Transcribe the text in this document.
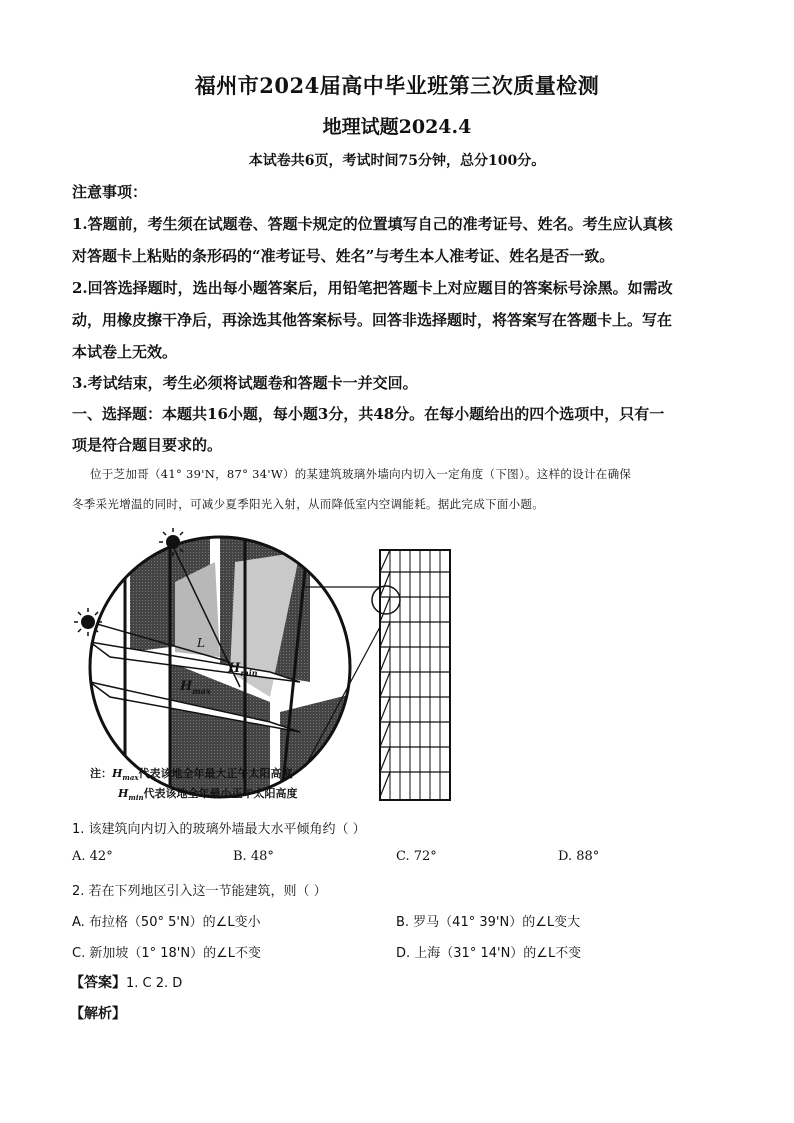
福州市2024届高中毕业班第三次质量检测
地理试题2024.4
本试卷共6页，考试时间75分钟，总分100分。
注意事项：
1.答题前，考生须在试题卷、答题卡规定的位置填写自己的准考证号、姓名。考生应认真核
对答题卡上粘贴的条形码的“准考证号、姓名”与考生本人准考证、姓名是否一致。
2.回答选择题时，选出每小题答案后，用铅笔把答题卡上对应题目的答案标号涂黑。如需改
动，用橡皮擦干净后，再涂选其他答案标号。回答非选择题时，将答案写在答题卡上。写在
本试卷上无效。
3.考试结束，考生必须将试题卷和答题卡一并交回。
一、选择题：本题共16小题，每小题3分，共48分。在每小题给出的四个选项中，只有一
项是符合题目要求的。
位于芝加哥（41° 39'N，87° 34'W）的某建筑玻璃外墙向内切入一定角度（下图）。这样的设计在确保
冬季采光增温的同时，可减少夏季阳光入射，从而降低室内空调能耗。据此完成下面小题。
L
$H_{min}$
$H_{max}$
注：$H_{max}$代表该地全年最大正午太阳高度
$H_{min}$代表该地全年最小正午太阳高度
1. 该建筑向内切入的玻璃外墙最大水平倾角约（ ）
A. 42°	B. 48°	C. 72°	D. 88°
2. 若在下列地区引入这一节能建筑，则（ ）
A. 布拉格（50° 5'N）的∠L变小	B. 罗马（41° 39'N）的∠L变大
C. 新加坡（1° 18'N）的∠L不变	D. 上海（31° 14'N）的∠L不变
【答案】1. C 2. D
【解析】
